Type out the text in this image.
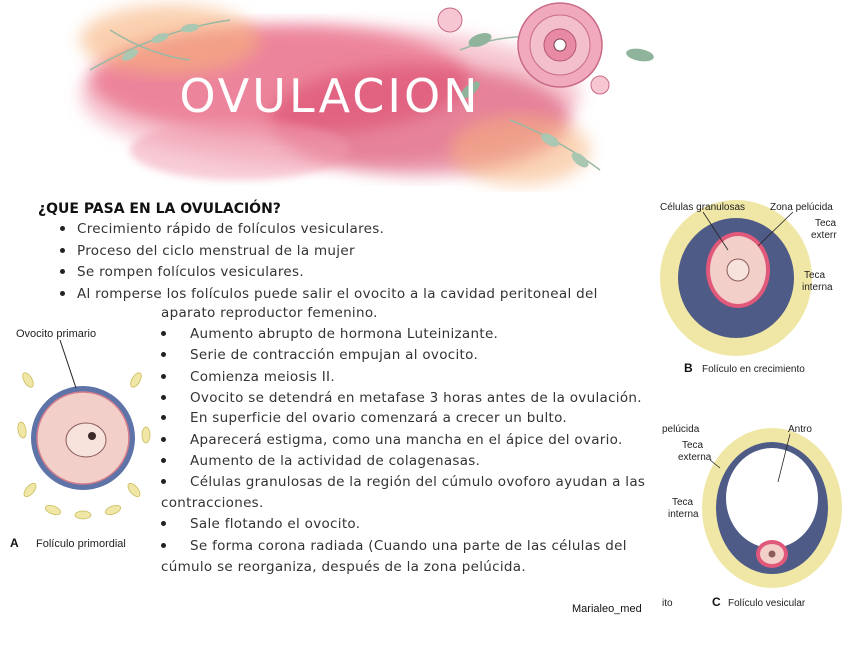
OVULACION
¿QUE PASA EN LA OVULACIÓN?
Crecimiento rápido de folículos vesiculares.
Proceso del ciclo menstrual de la mujer
Se rompen folículos vesiculares.
Al romperse los folículos puede salir el ovocito a la cavidad peritoneal del
aparato reproductor femenino.
Aumento abrupto de hormona Luteinizante.
Serie de contracción empujan al ovocito.
Comienza meiosis II.
Ovocito se detendrá en metafase 3 horas antes de la ovulación.
En superficie del ovario comenzará a crecer un bulto.
Aparecerá estigma, como una mancha en el ápice del ovario.
Aumento de la actividad de colagenasas.
Células granulosas de la región del cúmulo ovoforo ayudan a las
contracciones.
Sale flotando el ovocito.
Se forma corona radiada (Cuando una parte de las células del
cúmulo se reorganiza, después de la zona pelúcida.
Ovocito primario
A Folículo primordial
Células granulosas Zona pelúcida
Teca
exterr
Teca
interna
B Folículo en crecimiento
pelúcida
Teca
externa
Antro
Teca
interna
ito	C Folículo vesicular
Marialeo_med
